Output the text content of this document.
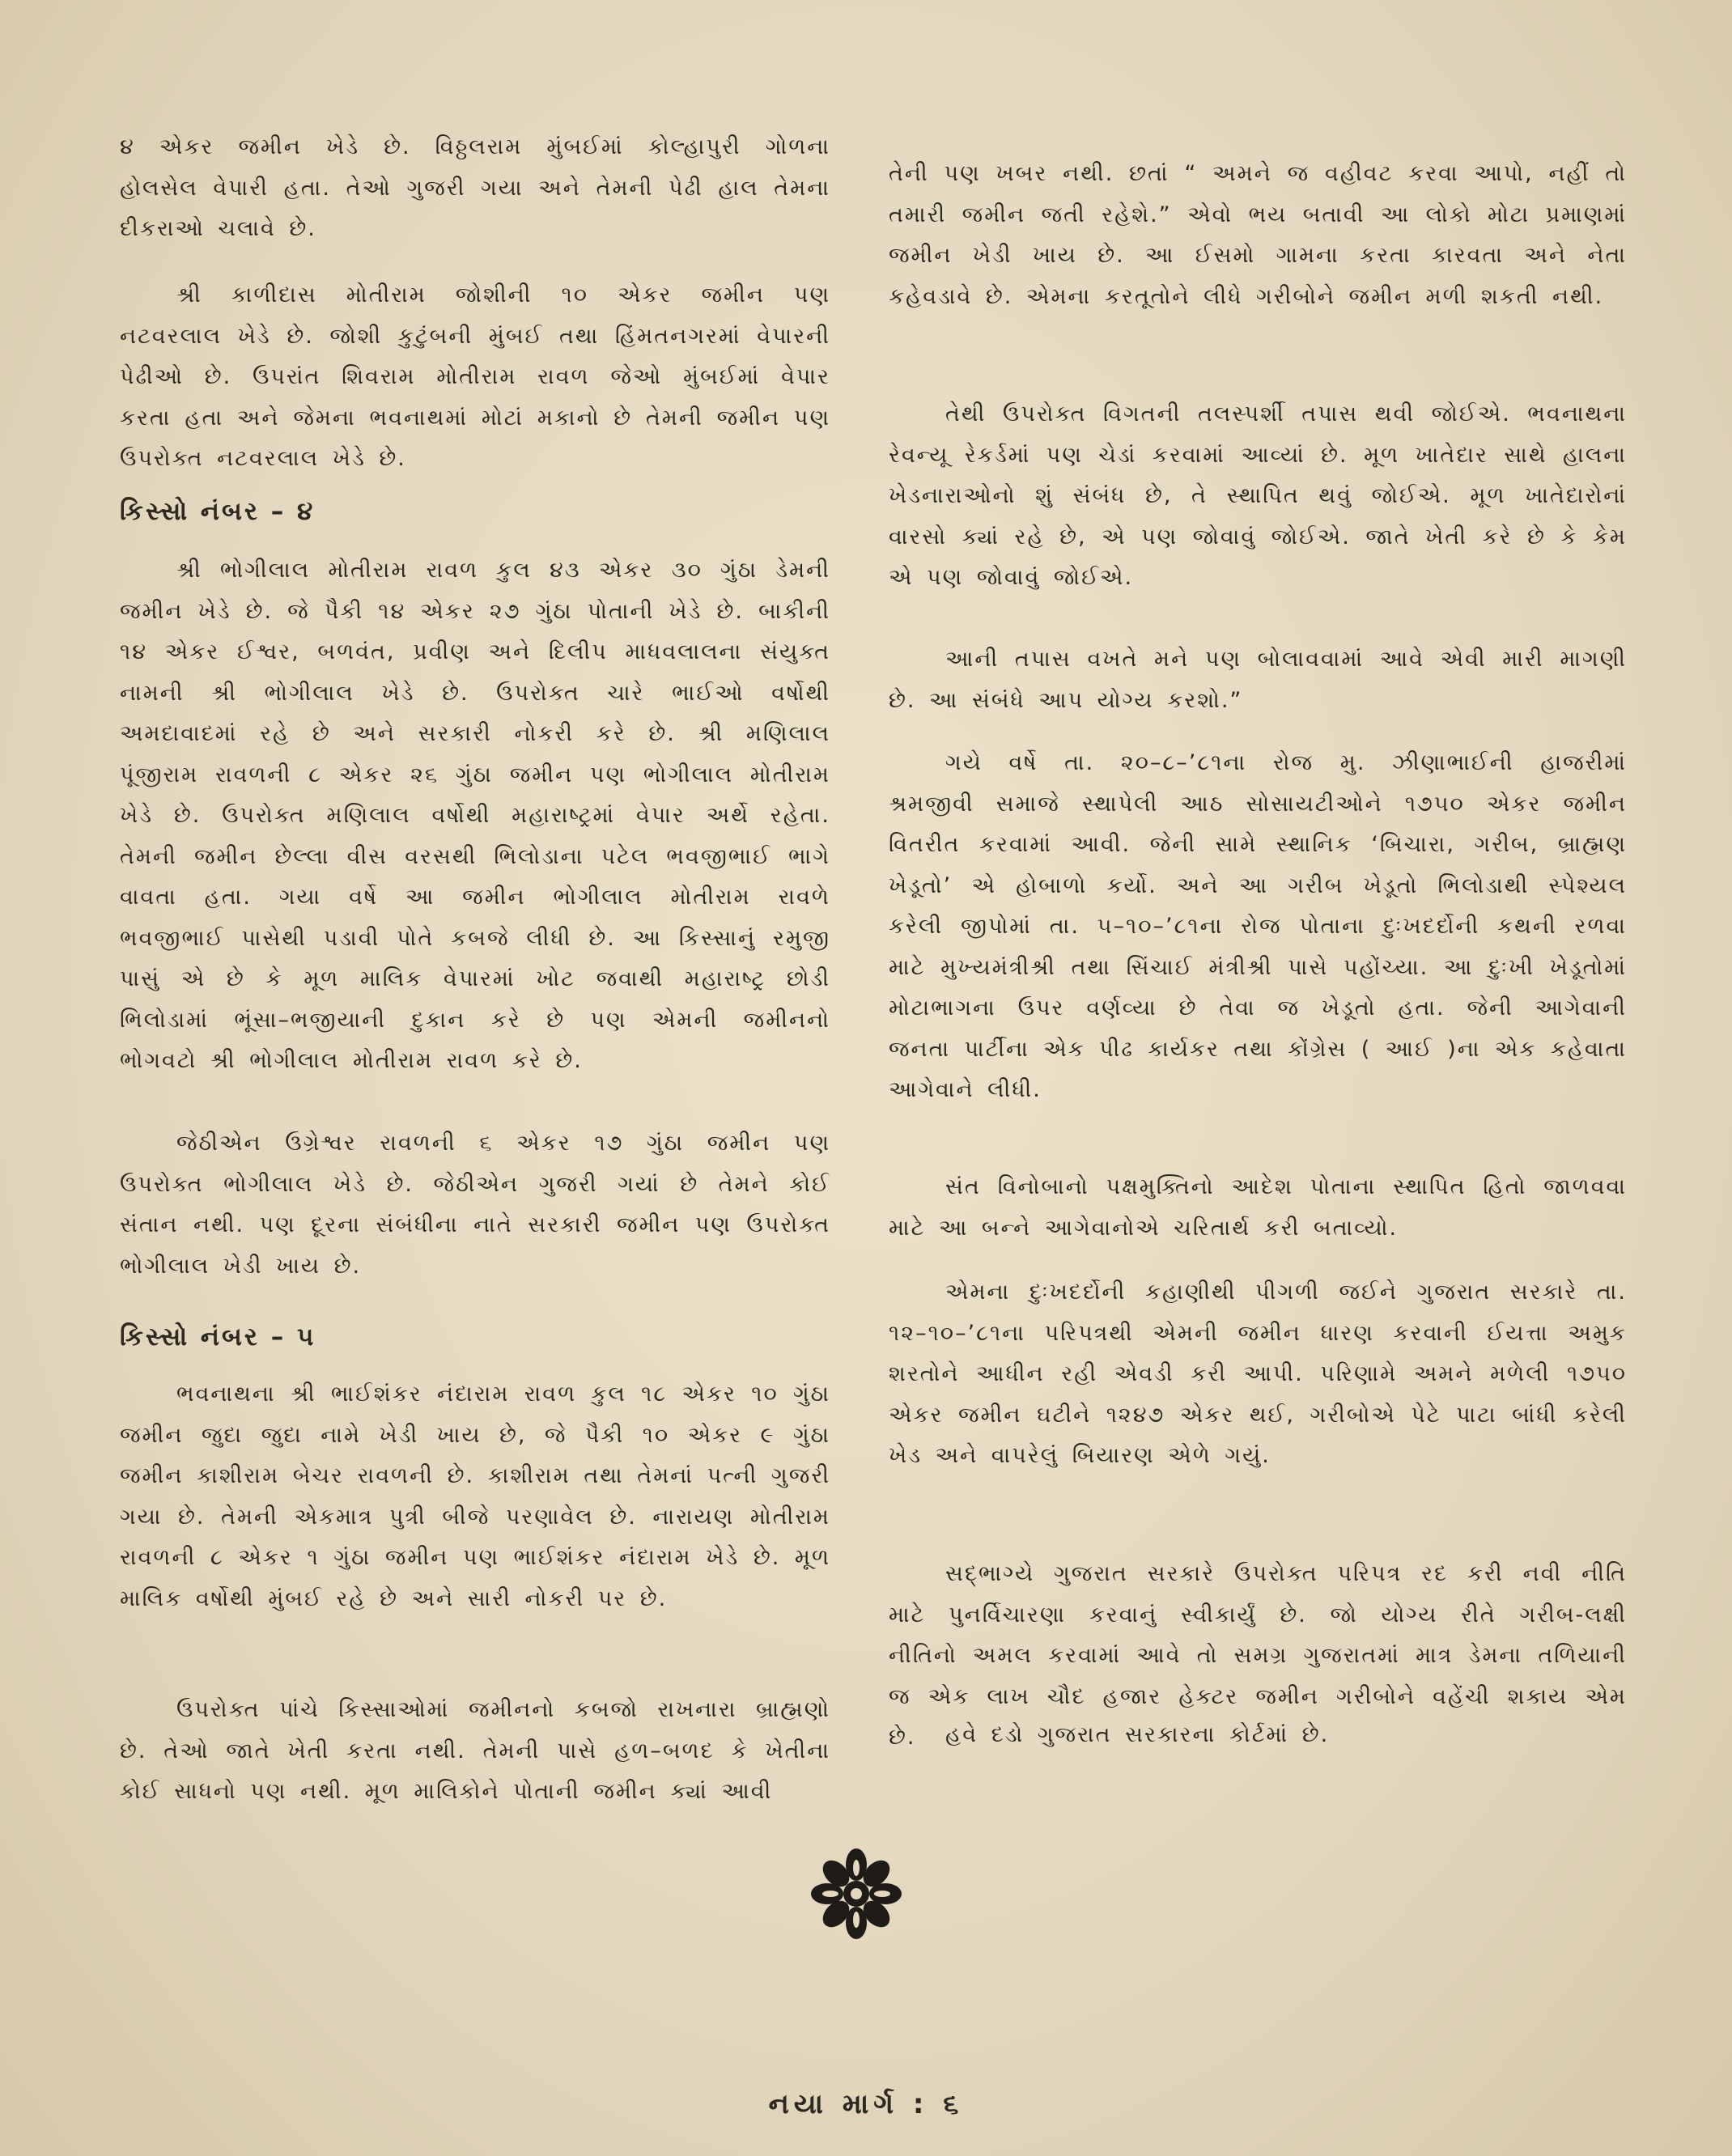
૪ એકર જમીન ખેડે છે. વિઠ્ઠલરામ મુંબઈમાં કોલ્હાપુરી ગોળના હોલસેલ વેપારી હતા. તેઓ ગુજરી ગયા અને તેમની પેઢી હાલ તેમના દીકરાઓ ચલાવે છે.

શ્રી કાળીદાસ મોતીરામ જોશીની ૧૦ એકર જમીન પણ નટવરલાલ ખેડે છે. જોશી કુટુંબની મુંબઈ તથા હિંમતનગરમાં વેપારની પેઢીઓ છે. ઉપરાંત શિવરામ મોતીરામ રાવળ જેઓ મુંબઈમાં વેપાર કરતા હતા અને જેમના ભવનાથમાં મોટાં મકાનો છે તેમની જમીન પણ ઉપરોક્ત નટવરલાલ ખેડે છે.

કિસ્સો નંબર – ૪

શ્રી ભોગીલાલ મોતીરામ રાવળ કુલ ૪૩ એકર ૩૦ ગુંઠા ડેમની જમીન ખેડે છે. જે પૈકી ૧૪ એકર ૨૭ ગુંઠા પોતાની ખેડે છે. બાકીની ૧૪ એકર ઈશ્વર, બળવંત, પ્રવીણ અને દિલીપ માધવલાલના સંયુક્ત નામની શ્રી ભોગીલાલ ખેડે છે. ઉપરોક્ત ચારે ભાઈઓ વર્ષોથી અમદાવાદમાં રહે છે અને સરકારી નોકરી કરે છે. શ્રી મણિલાલ પૂંજીરામ રાવળની ૮ એકર ૨૬ ગુંઠા જમીન પણ ભોગીલાલ મોતીરામ ખેડે છે. ઉપરોક્ત મણિલાલ વર્ષોથી મહારાષ્ટ્રમાં વેપાર અર્થે રહેતા. તેમની જમીન છેલ્લા વીસ વરસથી ભિલોડાના પટેલ ભવજીભાઈ ભાગે વાવતા હતા. ગયા વર્ષે આ જમીન ભોગીલાલ મોતીરામ રાવળે ભવજીભાઈ પાસેથી પડાવી પોતે કબજે લીધી છે. આ કિસ્સાનું રમુજી પાસું એ છે કે મૂળ માલિક વેપારમાં ખોટ જવાથી મહારાષ્ટ્ર છોડી ભિલોડામાં ભૂંસા–ભજીયાની દુકાન કરે છે પણ એમની જમીનનો ભોગવટો શ્રી ભોગીલાલ મોતીરામ રાવળ કરે છે.

જેઠીએન ઉગ્રેશ્વર રાવળની ૬ એકર ૧૭ ગુંઠા જમીન પણ ઉપરોક્ત ભોગીલાલ ખેડે છે. જેઠીએન ગુજરી ગયાં છે તેમને કોઈ સંતાન નથી. પણ દૂરના સંબંધીના નાતે સરકારી જમીન પણ ઉપરોક્ત ભોગીલાલ ખેડી ખાય છે.

કિસ્સો નંબર – ૫

ભવનાથના શ્રી ભાઈશંકર નંદારામ રાવળ કુલ ૧૮ એકર ૧૦ ગુંઠા જમીન જુદા જુદા નામે ખેડી ખાય છે, જે પૈકી ૧૦ એકર ૯ ગુંઠા જમીન કાશીરામ બેચર રાવળની છે. કાશીરામ તથા તેમનાં પત્ની ગુજરી ગયા છે. તેમની એકમાત્ર પુત્રી બીજે પરણાવેલ છે. નારાયણ મોતીરામ રાવળની ૮ એકર ૧ ગુંઠા જમીન પણ ભાઈશંકર નંદારામ ખેડે છે. મૂળ માલિક વર્ષોથી મુંબઈ રહે છે અને સારી નોકરી પર છે.

ઉપરોક્ત પાંચે કિસ્સાઓમાં જમીનનો કબજો રાખનારા બ્રાહ્મણો છે. તેઓ જાતે ખેતી કરતા નથી. તેમની પાસે હળ–બળદ કે ખેતીના કોઈ સાધનો પણ નથી. મૂળ માલિકોને પોતાની જમીન ક્યાં આવી

તેની પણ ખબર નથી. છતાં “ અમને જ વહીવટ કરવા આપો, નહીં તો તમારી જમીન જતી રહેશે.” એવો ભય બતાવી આ લોકો મોટા પ્રમાણમાં જમીન ખેડી ખાય છે. આ ઈસમો ગામના કરતા કારવતા અને નેતા કહેવડાવે છે. એમના કરતૂતોને લીધે ગરીબોને જમીન મળી શકતી નથી.

તેથી ઉપરોક્ત વિગતની તલસ્પર્શી તપાસ થવી જોઈએ. ભવનાથના રેવન્યૂ રેકર્ડમાં પણ ચેડાં કરવામાં આવ્યાં છે. મૂળ ખાતેદાર સાથે હાલના ખેડનારાઓનો શું સંબંધ છે, તે સ્થાપિત થવું જોઈએ. મૂળ ખાતેદારોનાં વારસો ક્યાં રહે છે, એ પણ જોવાવું જોઈએ. જાતે ખેતી કરે છે કે કેમ એ પણ જોવાવું જોઈએ.

આની તપાસ વખતે મને પણ બોલાવવામાં આવે એવી મારી માગણી છે. આ સંબંધે આપ યોગ્ય કરશો.”

ગયે વર્ષે તા. ૨૦–૮–’૮૧ના રોજ મુ. ઝીણાભાઈની હાજરીમાં શ્રમજીવી સમાજે સ્થાપેલી આઠ સોસાયટીઓને ૧૭૫૦ એકર જમીન વિતરીત કરવામાં આવી. જેની સામે સ્થાનિક ‘બિચારા, ગરીબ, બ્રાહ્મણ ખેડૂતો’ એ હોબાળો કર્યો. અને આ ગરીબ ખેડૂતો ભિલોડાથી સ્પેશ્યલ કરેલી જીપોમાં તા. ૫–૧૦–’૮૧ના રોજ પોતાના દુઃખદર્દોની કથની રળવા માટે મુખ્યમંત્રીશ્રી તથા સિંચાઈ મંત્રીશ્રી પાસે પહોંચ્યા. આ દુઃખી ખેડૂતોમાં મોટાભાગના ઉપર વર્ણવ્યા છે તેવા જ ખેડૂતો હતા. જેની આગેવાની જનતા પાર્ટીના એક પીઢ કાર્યકર તથા કોંગ્રેસ ( આઈ )ના એક કહેવાતા આગેવાને લીધી.

સંત વિનોબાનો પક્ષમુક્તિનો આદેશ પોતાના સ્થાપિત હિતો જાળવવા માટે આ બન્ને આગેવાનોએ ચરિતાર્થ કરી બતાવ્યો.

એમના દુઃખદર્દોની કહાણીથી પીગળી જઈને ગુજરાત સરકારે તા. ૧૨–૧૦–’૮૧ના પરિપત્રથી એમની જમીન ધારણ કરવાની ઈયત્તા અમુક શરતોને આધીન રહી એવડી કરી આપી. પરિણામે અમને મળેલી ૧૭૫૦ એકર જમીન ઘટીને ૧૨૪૭ એકર થઈ, ગરીબોએ પેટે પાટા બાંધી કરેલી ખેડ અને વાપરેલું બિયારણ એળે ગયું.

સદ્‌ભાગ્યે ગુજરાત સરકારે ઉપરોક્ત પરિપત્ર રદ કરી નવી નીતિ માટે પુનર્વિચારણા કરવાનું સ્વીકાર્યું છે. જો યોગ્ય રીતે ગરીબ-લક્ષી નીતિનો અમલ કરવામાં આવે તો સમગ્ર ગુજરાતમાં માત્ર ડેમના તળિયાની જ એક લાખ ચૌદ હજાર હેક્ટર જમીન ગરીબોને વહેંચી શકાય એમ છે.	હવે દડો ગુજરાત સરકારના કોર્ટમાં છે.

નયા માર્ગ : ૬
